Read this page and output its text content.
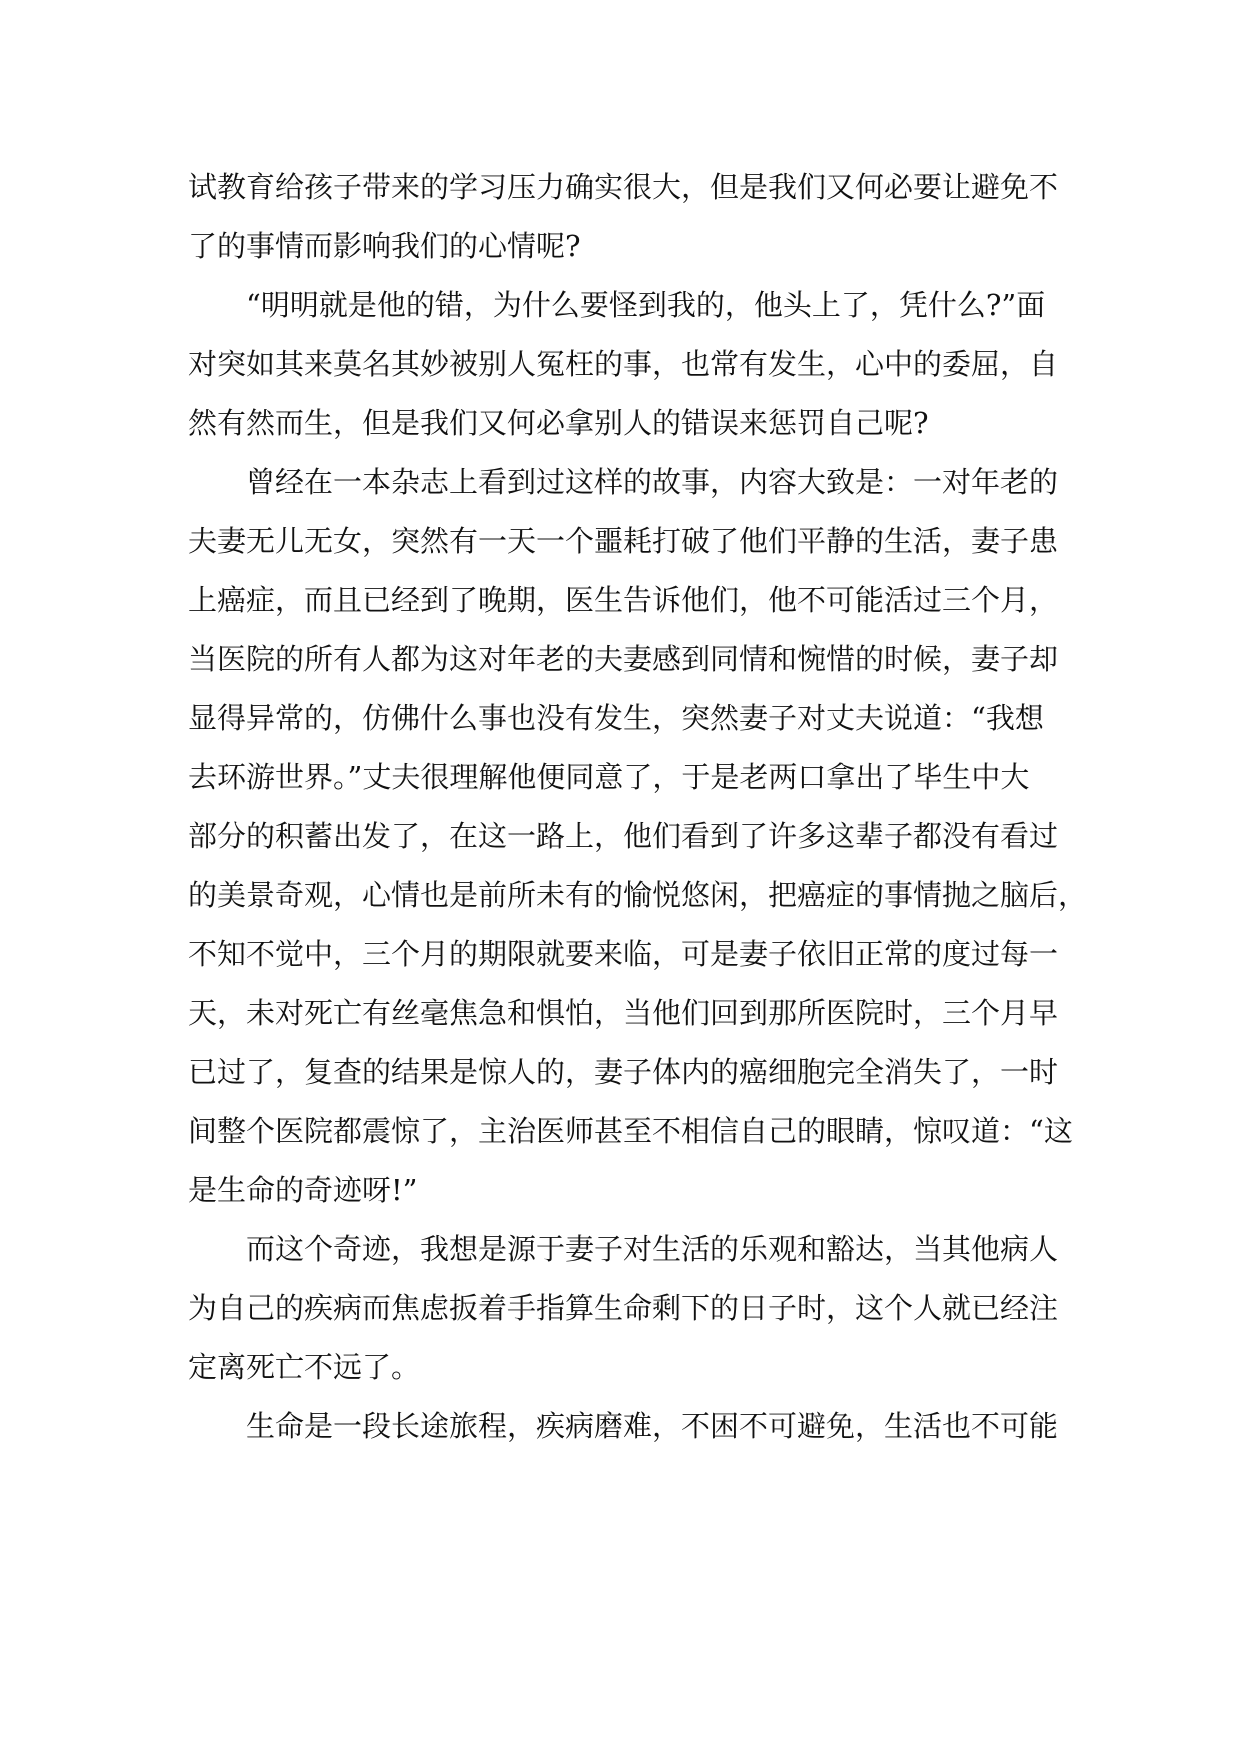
试教育给孩子带来的学习压力确实很大，但是我们又何必要让避免不
了的事情而影响我们的心情呢?
“明明就是他的错，为什么要怪到我的，他头上了，凭什么?”面
对突如其来莫名其妙被别人冤枉的事，也常有发生，心中的委屈，自
然有然而生，但是我们又何必拿别人的错误来惩罚自己呢?
曾经在一本杂志上看到过这样的故事，内容大致是：一对年老的
夫妻无儿无女，突然有一天一个噩耗打破了他们平静的生活，妻子患
上癌症，而且已经到了晚期，医生告诉他们，他不可能活过三个月，
当医院的所有人都为这对年老的夫妻感到同情和惋惜的时候，妻子却
显得异常的，仿佛什么事也没有发生，突然妻子对丈夫说道：“我想
去环游世界。”丈夫很理解他便同意了，于是老两口拿出了毕生中大
部分的积蓄出发了，在这一路上，他们看到了许多这辈子都没有看过
的美景奇观，心情也是前所未有的愉悦悠闲，把癌症的事情抛之脑后，
不知不觉中，三个月的期限就要来临，可是妻子依旧正常的度过每一
天，未对死亡有丝毫焦急和惧怕，当他们回到那所医院时，三个月早
已过了，复查的结果是惊人的，妻子体内的癌细胞完全消失了，一时
间整个医院都震惊了，主治医师甚至不相信自己的眼睛，惊叹道：“这
是生命的奇迹呀!”
而这个奇迹，我想是源于妻子对生活的乐观和豁达，当其他病人
为自己的疾病而焦虑扳着手指算生命剩下的日子时，这个人就已经注
定离死亡不远了。
生命是一段长途旅程，疾病磨难，不困不可避免，生活也不可能
